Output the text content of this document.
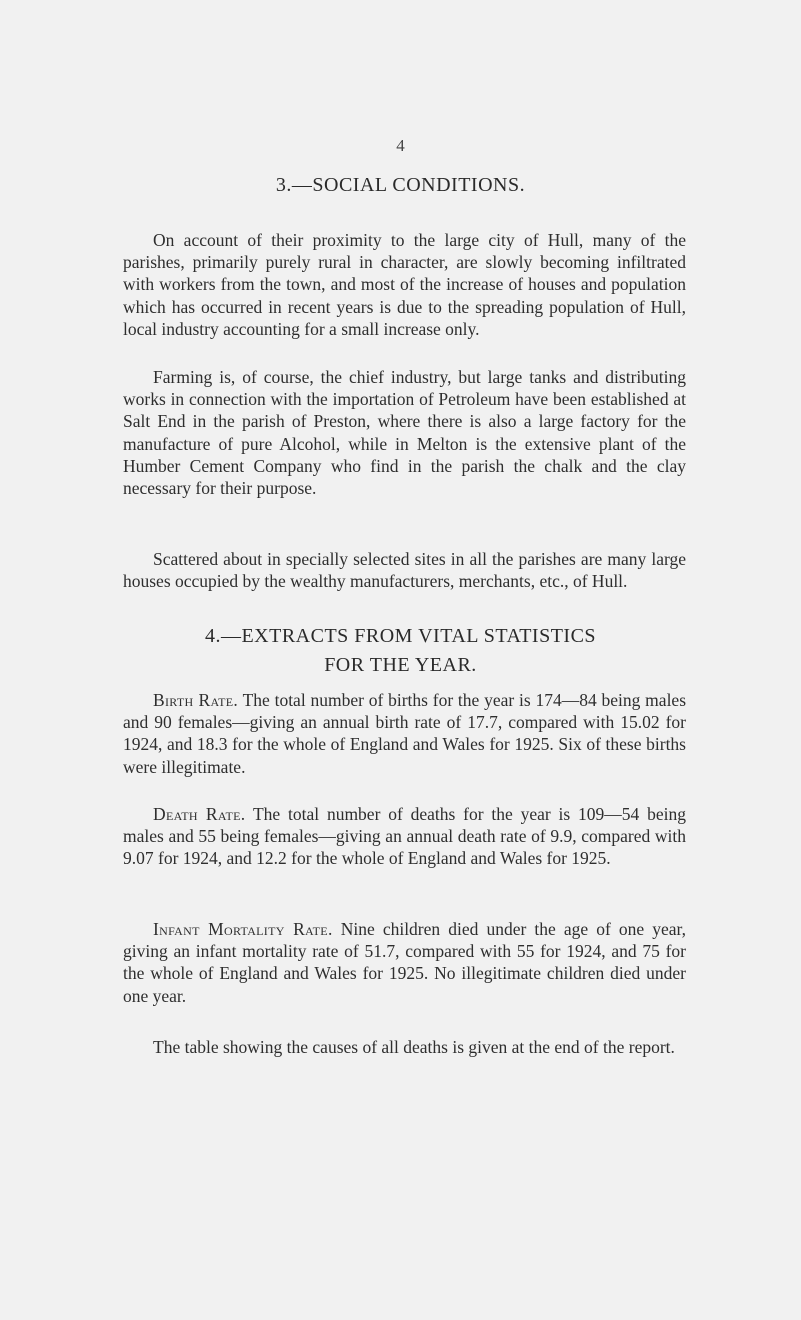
4
3.—SOCIAL CONDITIONS.

On account of their proximity to the large city of Hull, many of the parishes, primarily purely rural in character, are slowly becoming infiltrated with workers from the town, and most of the increase of houses and population which has occurred in recent years is due to the spreading population of Hull, local industry accounting for a small increase only.

Farming is, of course, the chief industry, but large tanks and distributing works in connection with the importation of Petroleum have been established at Salt End in the parish of Preston, where there is also a large factory for the manufacture of pure Alcohol, while in Melton is the extensive plant of the Humber Cement Company who find in the parish the chalk and the clay necessary for their purpose.

Scattered about in specially selected sites in all the parishes are many large houses occupied by the wealthy manufacturers, merchants, etc., of Hull.

4.—EXTRACTS FROM VITAL STATISTICS
FOR THE YEAR.

Birth Rate. The total number of births for the year is 174—84 being males and 90 females—giving an annual birth rate of 17.7, compared with 15.02 for 1924, and 18.3 for the whole of England and Wales for 1925. Six of these births were illegitimate.

Death Rate. The total number of deaths for the year is 109—54 being males and 55 being females—giving an annual death rate of 9.9, compared with 9.07 for 1924, and 12.2 for the whole of England and Wales for 1925.

Infant Mortality Rate. Nine children died under the age of one year, giving an infant mortality rate of 51.7, compared with 55 for 1924, and 75 for the whole of England and Wales for 1925. No illegitimate children died under one year.

The table showing the causes of all deaths is given at the end of the report.
